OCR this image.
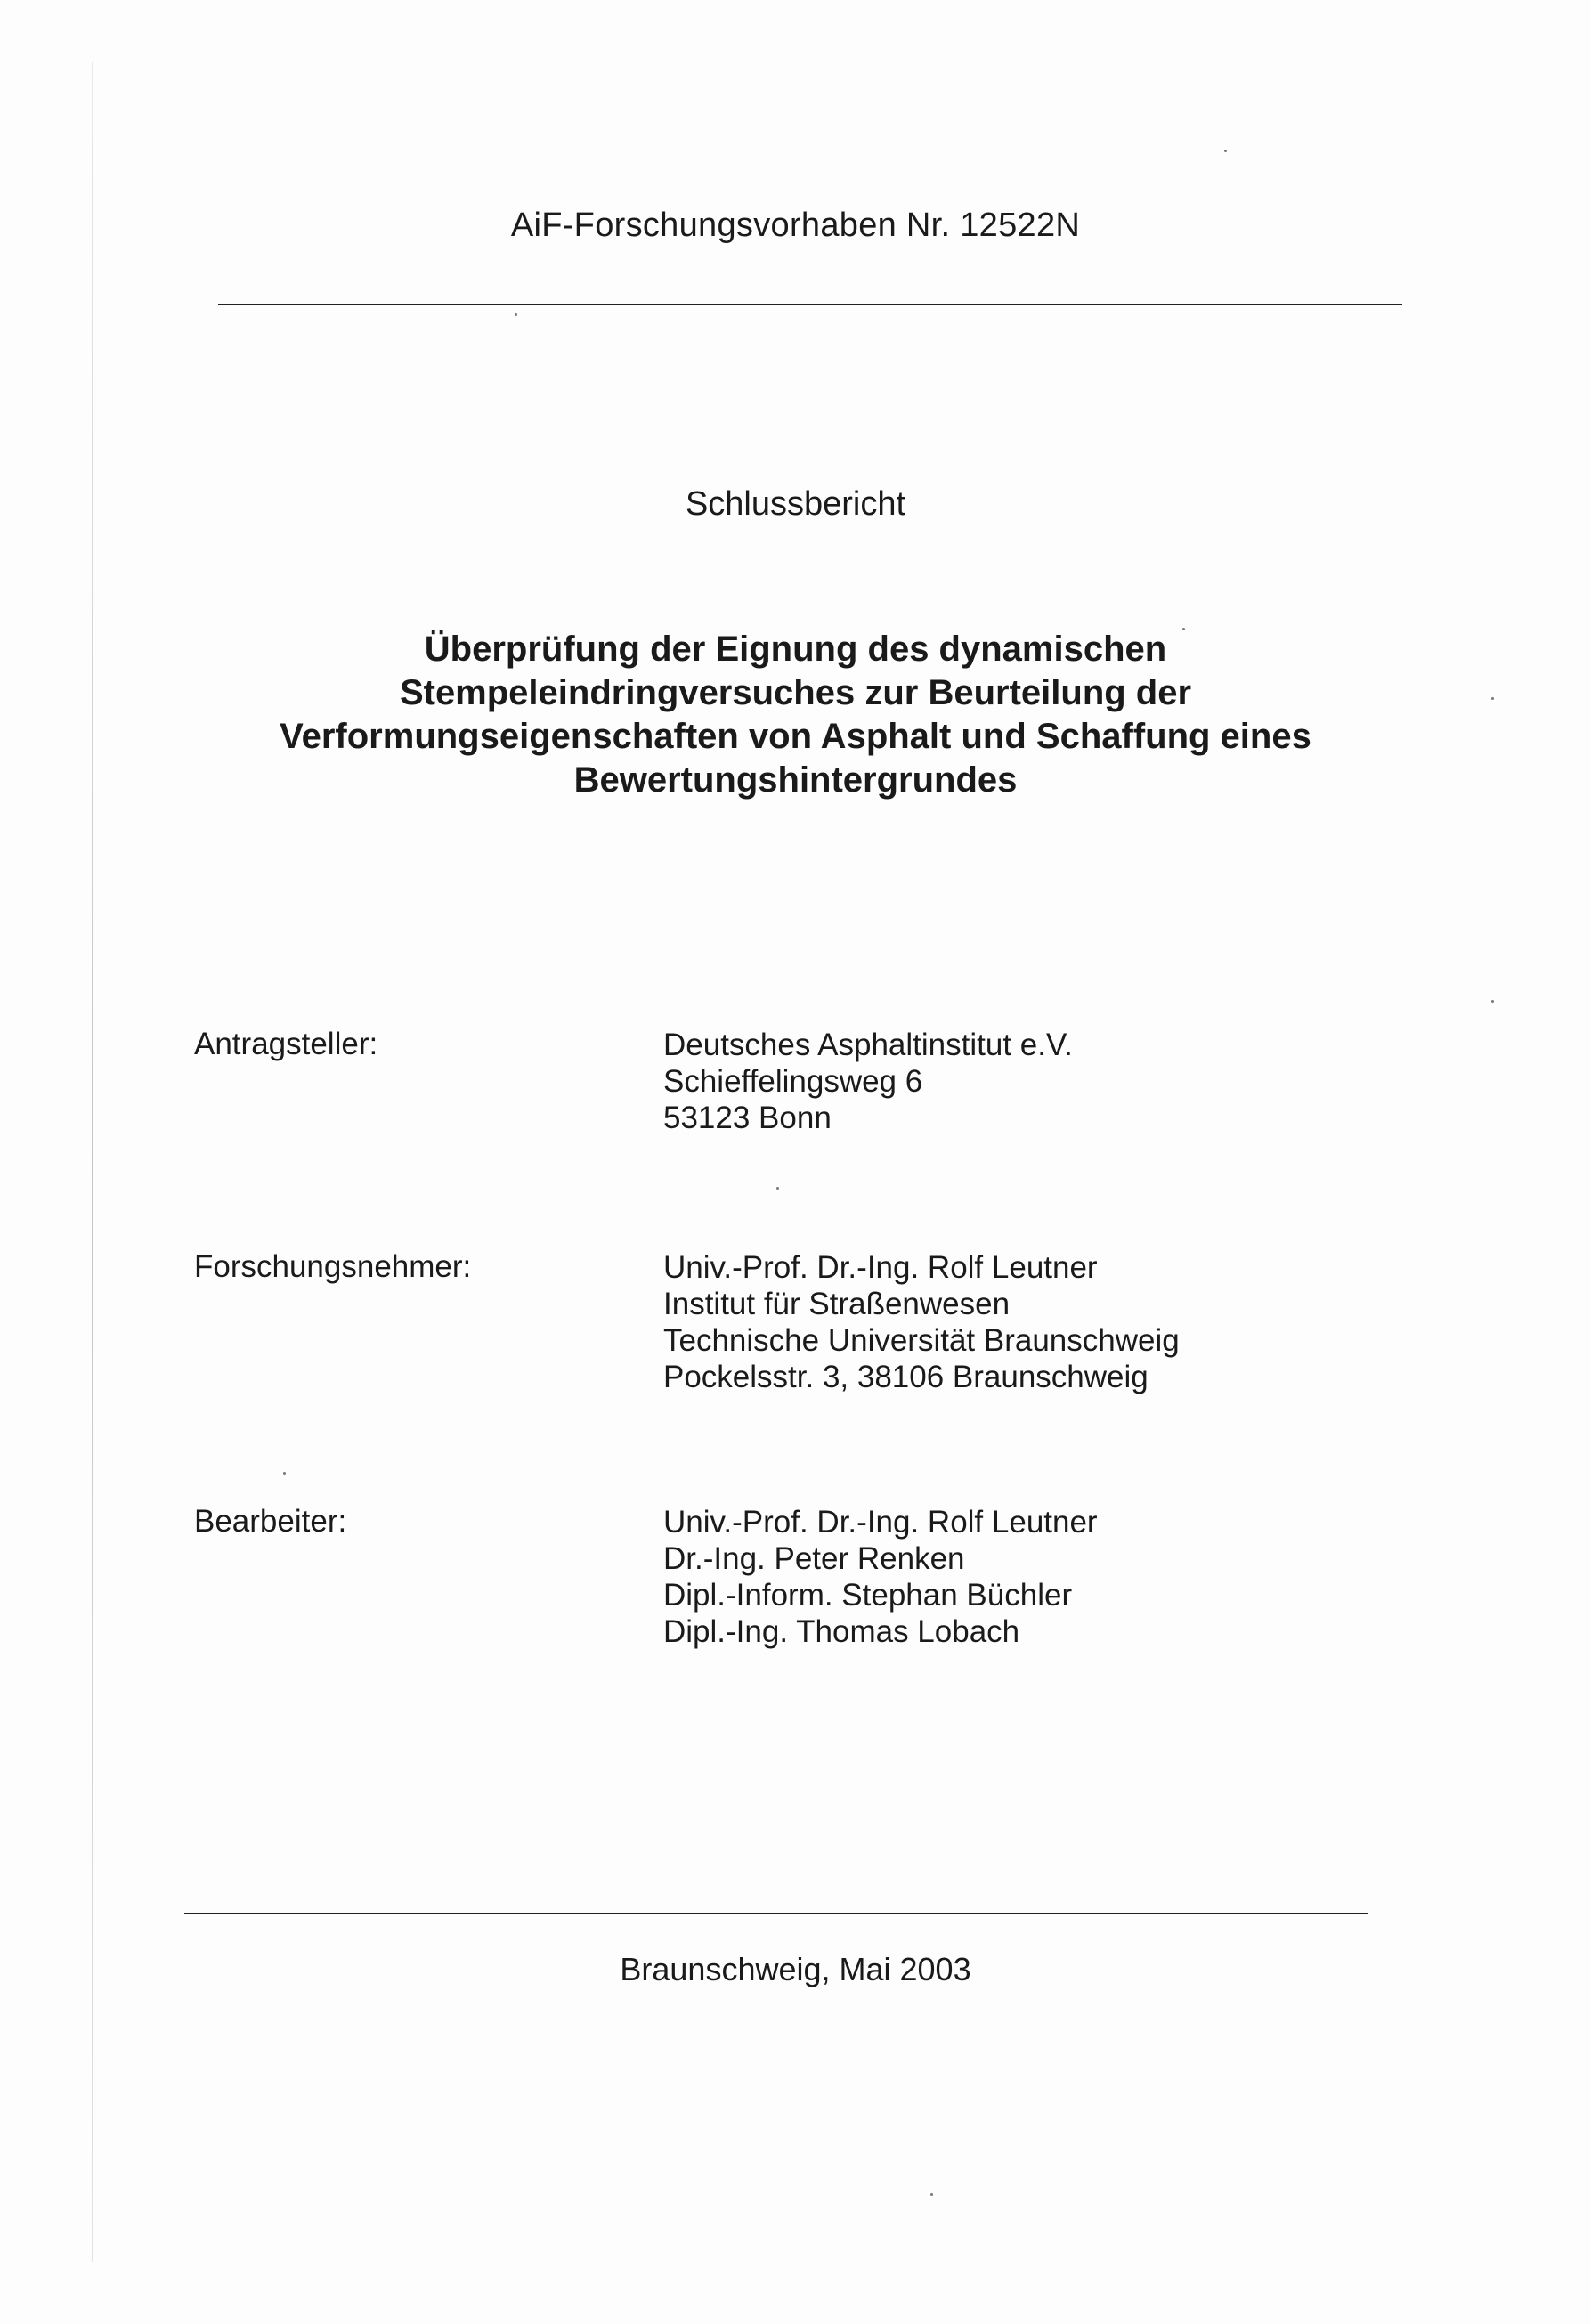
AiF-Forschungsvorhaben Nr. 12522N
Schlussbericht
Überprüfung der Eignung des dynamischen
Stempeleindringversuches zur Beurteilung der
Verformungseigenschaften von Asphalt und Schaffung eines
Bewertungshintergrundes
Antragsteller:	Deutsches Asphaltinstitut e.V.
Schieffelingsweg 6
53123 Bonn
Forschungsnehmer:	Univ.-Prof. Dr.-Ing. Rolf Leutner
Institut für Straßenwesen
Technische Universität Braunschweig
Pockelsstr. 3, 38106 Braunschweig
Bearbeiter:	Univ.-Prof. Dr.-Ing. Rolf Leutner
Dr.-Ing. Peter Renken
Dipl.-Inform. Stephan Büchler
Dipl.-Ing. Thomas Lobach
Braunschweig, Mai 2003
